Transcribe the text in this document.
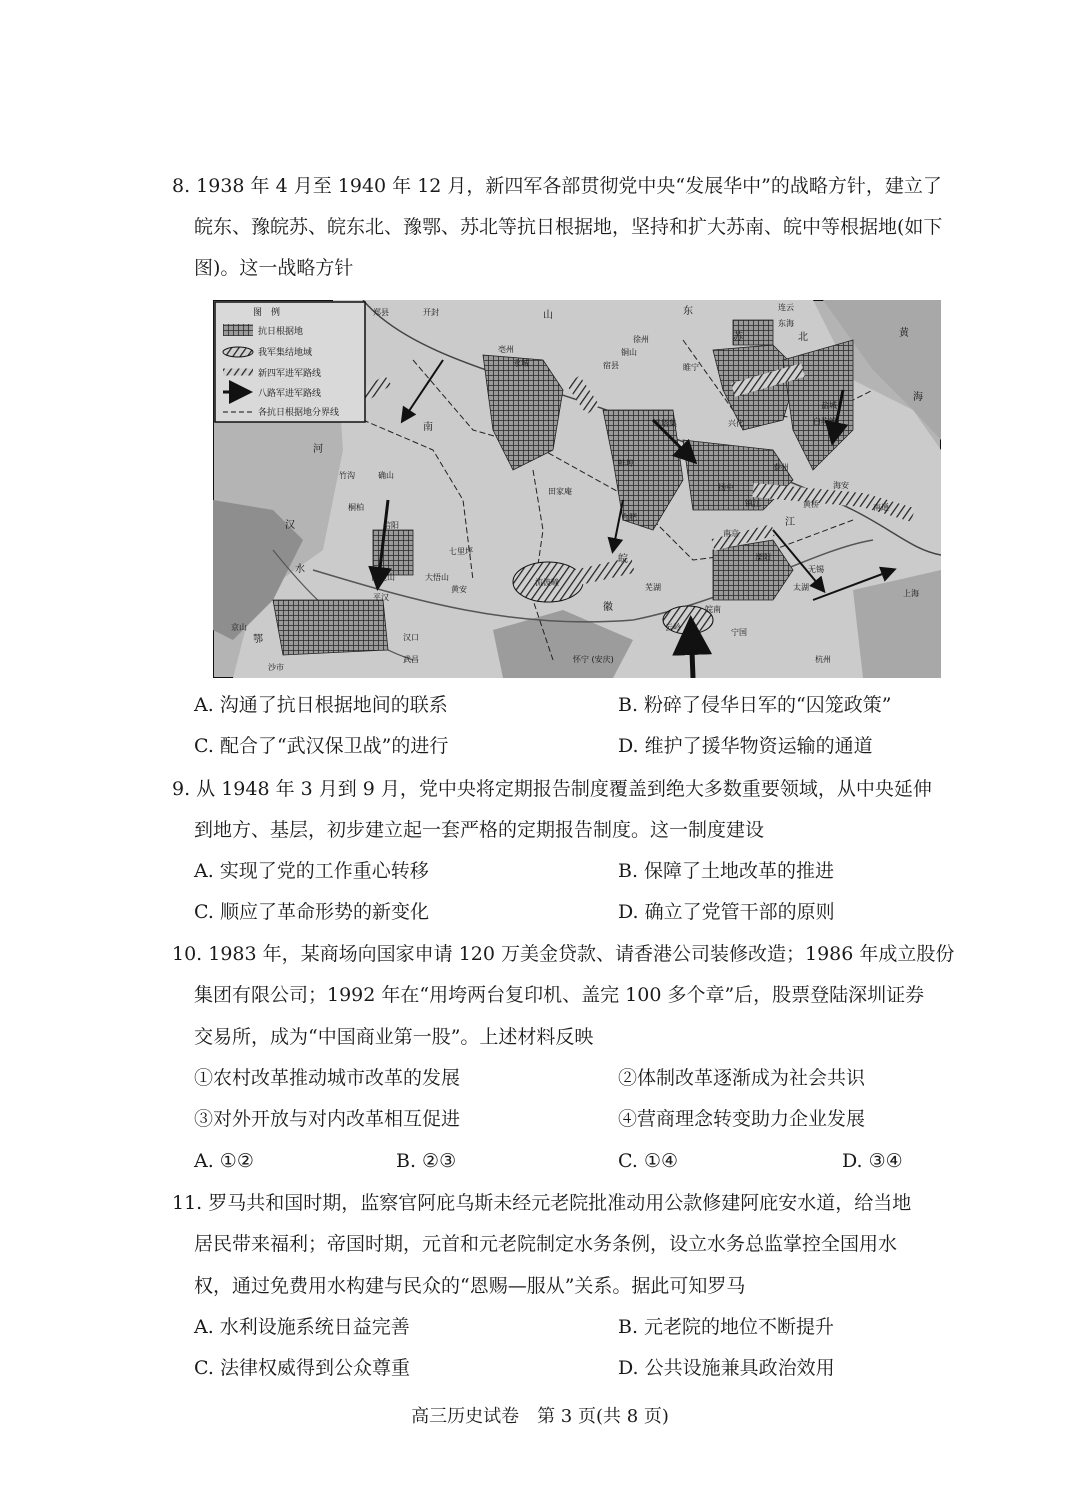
8. 1938 年 4 月至 1940 年 12 月，新四军各部贯彻党中央“发展华中”的战略方针，建立了
皖东、豫皖苏、皖东北、豫鄂、苏北等抗日根据地，坚持和扩大苏南、皖中等根据地(如下
图)。这一战略方针
图　例
抗日根据地
我军集结地域
新四军进军路线
八路军进军路线
各抗日根据地分界线
郑县	开封	山	东	连云
东海
徐州
铜山
永城	宿县	睢宁
亳州
半塔集
苏	北
盐城
白驹镇
兴化
河
南
竹沟	确山
蚌埠
田家庵
合肥
泰州
海安
黄桥	南通
镇江
南京
溧阳
扬中
江
桐柏
信阳
七里坪
流波疃
芜湖
无锡
太湖
上海
白兆山
平汉
大悟山
黄安
皖
徽
云岭
皖南
宁国
汉口
武昌	怀宁 (安庆)	杭州
京山
沙市
汉
水
鄂
黄
海
A. 沟通了抗日根据地间的联系	B. 粉碎了侵华日军的“囚笼政策”
C. 配合了“武汉保卫战”的进行	D. 维护了援华物资运输的通道
9. 从 1948 年 3 月到 9 月，党中央将定期报告制度覆盖到绝大多数重要领域，从中央延伸
到地方、基层，初步建立起一套严格的定期报告制度。这一制度建设
A. 实现了党的工作重心转移	B. 保障了土地改革的推进
C. 顺应了革命形势的新变化	D. 确立了党管干部的原则
10. 1983 年，某商场向国家申请 120 万美金贷款、请香港公司装修改造；1986 年成立股份
集团有限公司；1992 年在“用垮两台复印机、盖完 100 多个章”后，股票登陆深圳证券
交易所，成为“中国商业第一股”。上述材料反映
①农村改革推动城市改革的发展	②体制改革逐渐成为社会共识
③对外开放与对内改革相互促进	④营商理念转变助力企业发展
A. ①②	B. ②③	C. ①④	D. ③④
11. 罗马共和国时期，监察官阿庇乌斯未经元老院批准动用公款修建阿庇安水道，给当地
居民带来福利；帝国时期，元首和元老院制定水务条例，设立水务总监掌控全国用水
权，通过免费用水构建与民众的“恩赐—服从”关系。据此可知罗马
A. 水利设施系统日益完善	B. 元老院的地位不断提升
C. 法律权威得到公众尊重	D. 公共设施兼具政治效用
高三历史试卷　第 3 页(共 8 页)
